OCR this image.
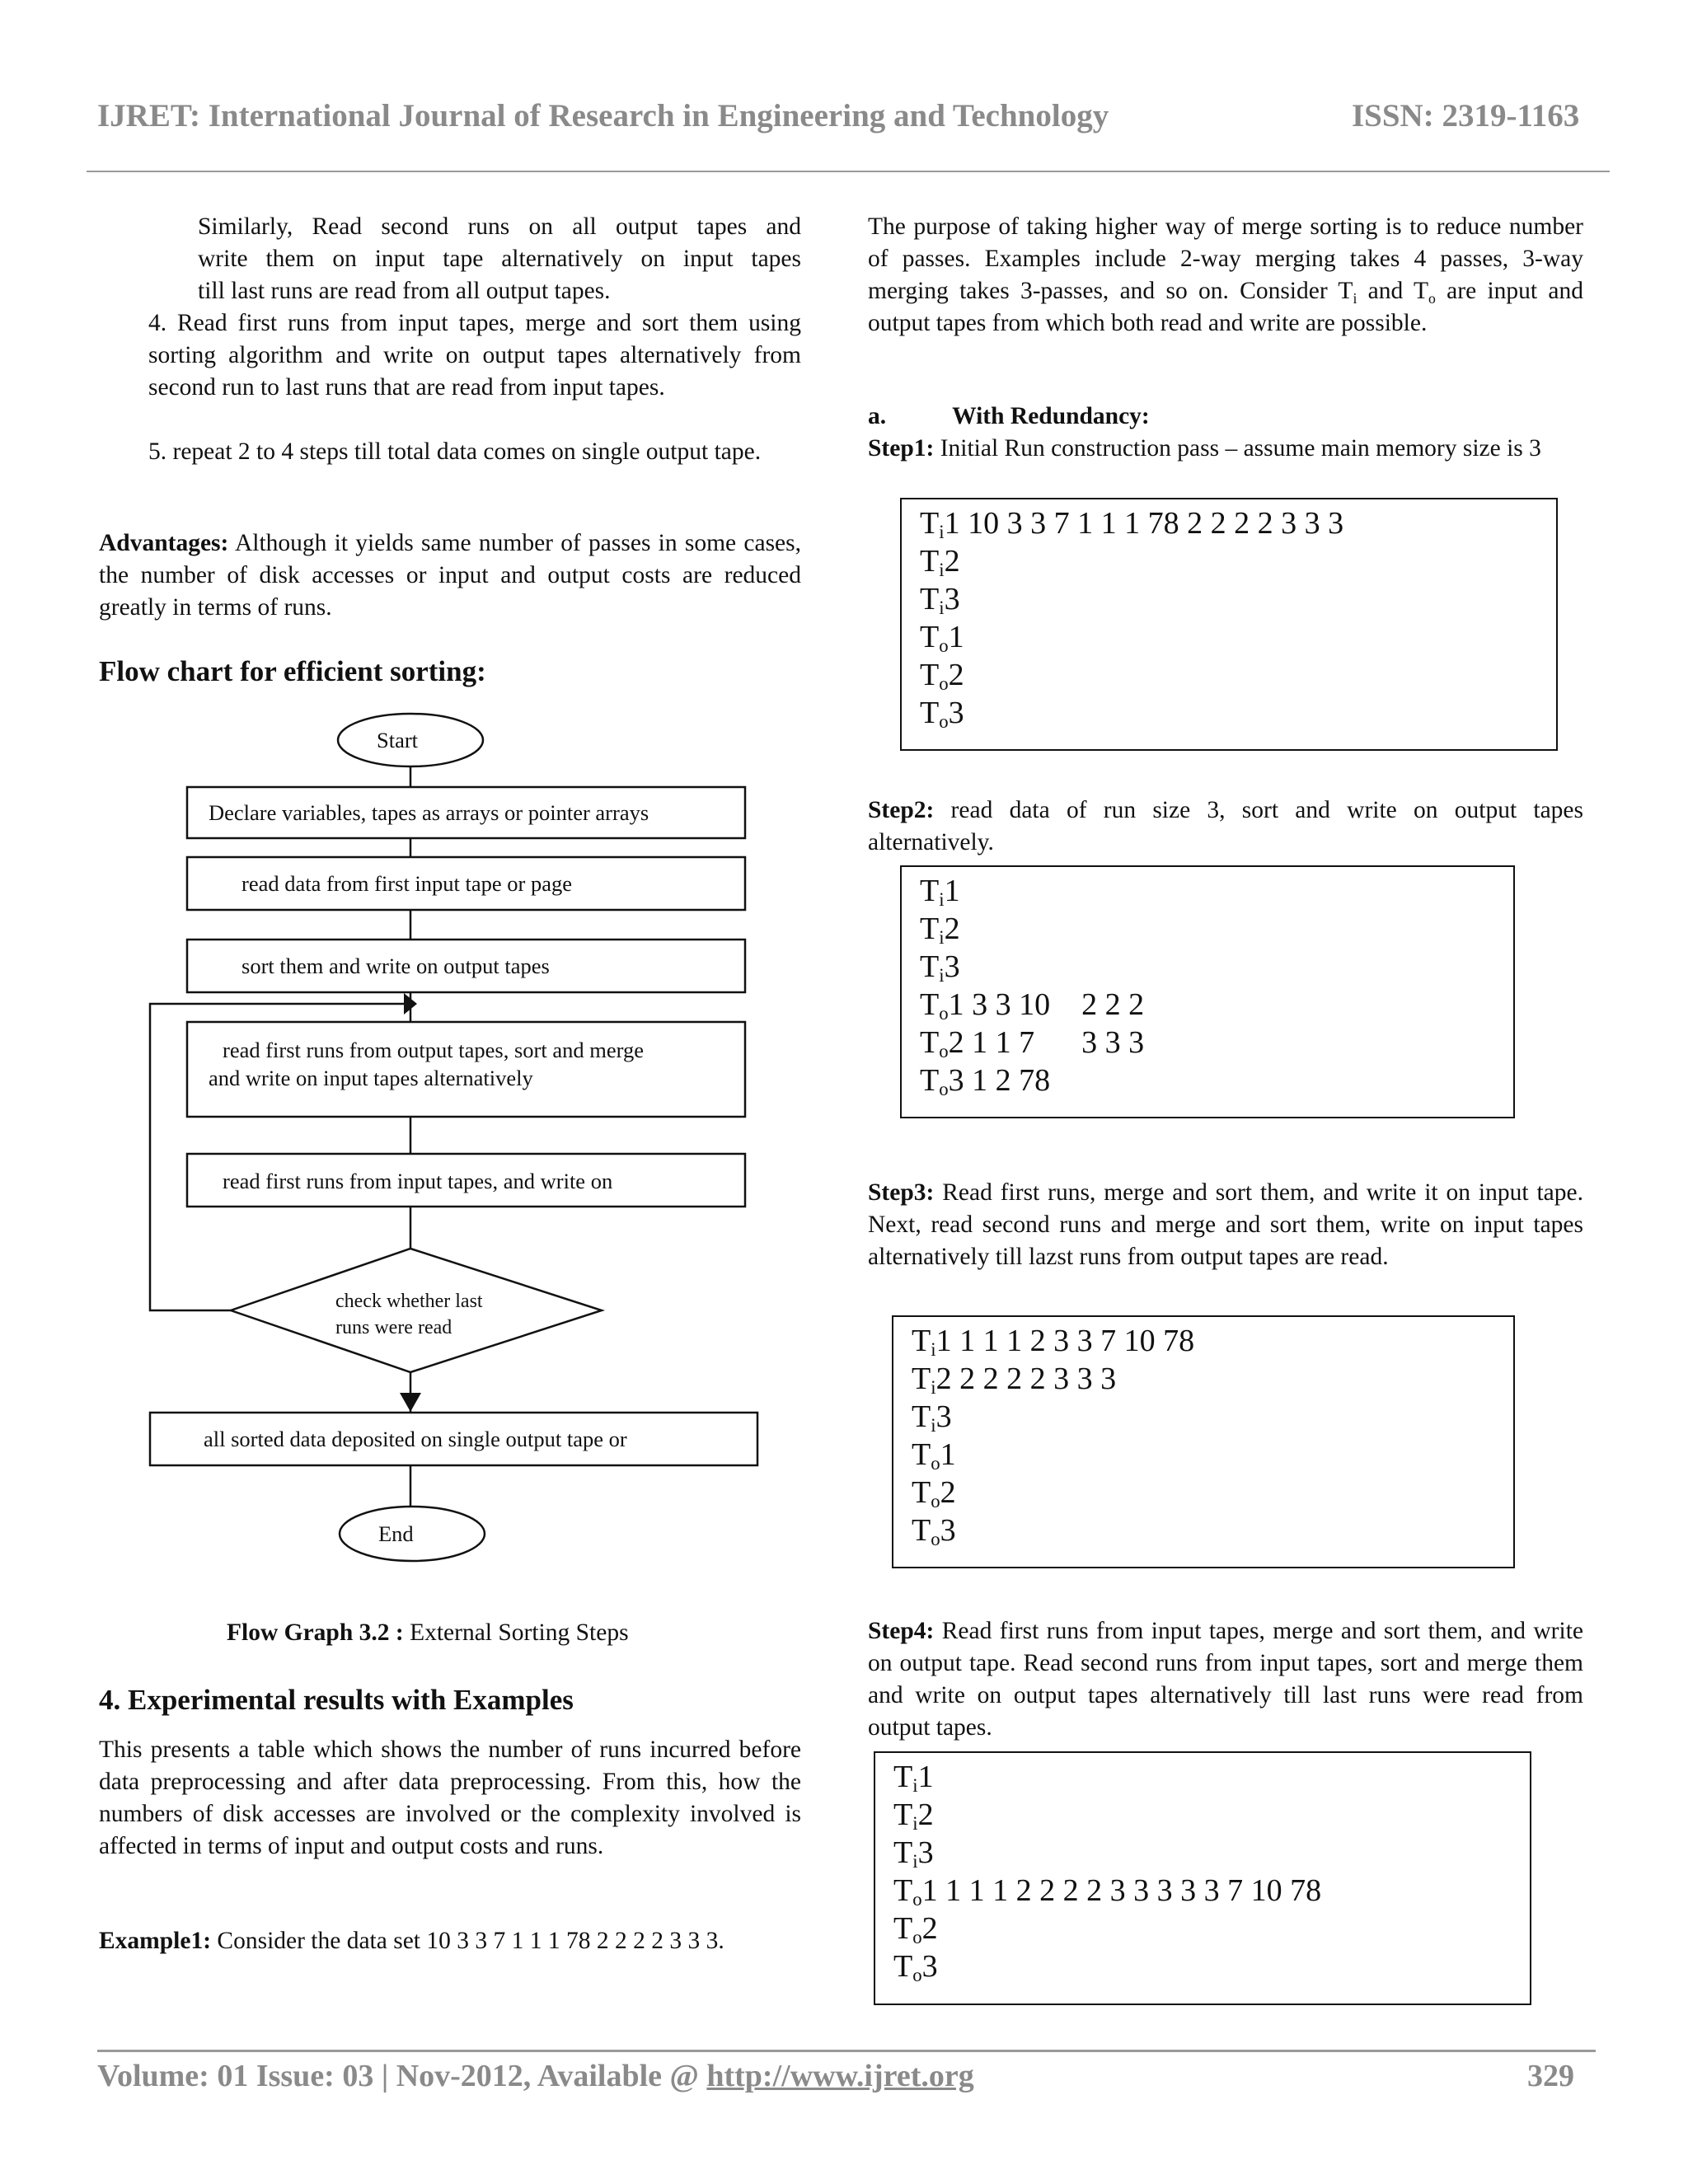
IJRET: International Journal of Research in Engineering and Technology	ISSN: 2319-1163
Similarly, Read second runs on all output tapes and
write them on input tape alternatively on input tapes
till last runs are read from all output tapes.

4. Read first runs from input tapes, merge and sort them using sorting algorithm and write on output tapes alternatively from second run to last runs that are read from input tapes.

5. repeat 2 to 4 steps till total data comes on single output tape.

Advantages: Although it yields same number of passes in some cases, the number of disk accesses or input and output costs are reduced greatly in terms of runs.

Flow chart for efficient sorting:
Start
Declare variables, tapes as arrays or pointer arrays
read data from first input tape or page
sort them and write on output tapes
read first runs from output tapes, sort and merge
and write on input tapes alternatively
read first runs from input tapes, and write on
check whether last
runs were read
all sorted data deposited on single output tape or
End
Flow Graph 3.2 : External Sorting Steps
4. Experimental results with Examples

This presents a table which shows the number of runs incurred before data preprocessing and after data preprocessing. From this, how the numbers of disk accesses are involved or the complexity involved is affected in terms of input and output costs and runs.

Example1: Consider the data set 10 3 3 7 1 1 1 78 2 2 2 2 3 3 3.

The purpose of taking higher way of merge sorting is to reduce number of passes. Examples include 2-way merging takes 4 passes, 3-way merging takes 3-passes, and so on. Consider $T_i$ and $T_o$ are input and output tapes from which both read and write are possible.

a.	With Redundancy:

Step1: Initial Run construction pass – assume main memory size is 3

$T_i1$ 10 3 3 7 1 1 1 78 2 2 2 2 3 3 3
$T_i2$
$T_i3$
$T_o1$
$T_o2$
$T_o3$

Step2: read data of run size 3, sort and write on output tapes alternatively.

$T_i1$
$T_i2$
$T_i3$
$T_o1$ 3 3 10    2 2 2
$T_o2$ 1 1 7      3 3 3
$T_o3$ 1 2 78

Step3: Read first runs, merge and sort them, and write it on input tape. Next, read second runs and merge and sort them, write on input tapes alternatively till lazst runs from output tapes are read.

$T_i1$ 1 1 1 2 3 3 7 10 78
$T_i2$ 2 2 2 2 3 3 3
$T_i3$
$T_o1$
$T_o2$
$T_o3$

Step4: Read first runs from input tapes, merge and sort them, and write on output tape. Read second runs from input tapes, sort and merge them and write on output tapes alternatively till last runs were read from output tapes.

$T_i1$
$T_i2$
$T_i3$
$T_o1$ 1 1 1 2 2 2 2 3 3 3 3 3 7 10 78
$T_o2$
$T_o3$
Volume: 01 Issue: 03 | Nov-2012, Available @ http://www.ijret.org	329
